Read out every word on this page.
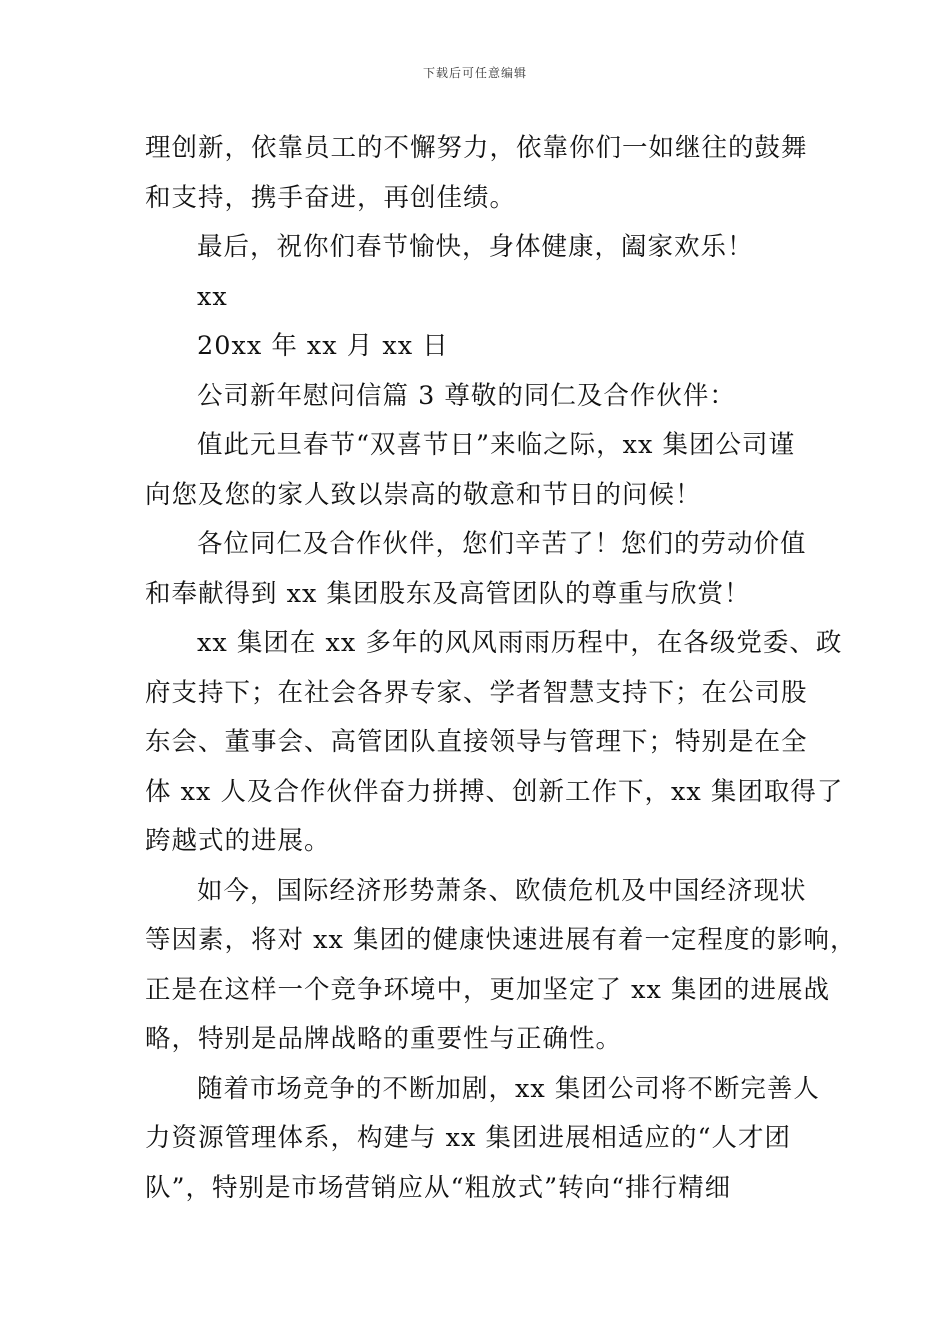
下载后可任意编辑

理创新，依靠员工的不懈努力，依靠你们一如继往的鼓舞
和支持，携手奋进，再创佳绩。

最后，祝你们春节愉快，身体健康，阖家欢乐！

xx

20xx 年 xx 月 xx 日

公司新年慰问信篇 3 尊敬的同仁及合作伙伴：

值此元旦春节“双喜节日”来临之际，xx 集团公司谨
向您及您的家人致以崇高的敬意和节日的问候！

各位同仁及合作伙伴，您们辛苦了！您们的劳动价值
和奉献得到 xx 集团股东及高管团队的尊重与欣赏！

xx 集团在 xx 多年的风风雨雨历程中，在各级党委、政
府支持下；在社会各界专家、学者智慧支持下；在公司股
东会、董事会、高管团队直接领导与管理下；特别是在全
体 xx 人及合作伙伴奋力拼搏、创新工作下，xx 集团取得了
跨越式的进展。

如今，国际经济形势萧条、欧债危机及中国经济现状
等因素，将对 xx 集团的健康快速进展有着一定程度的影响，
正是在这样一个竞争环境中，更加坚定了 xx 集团的进展战
略，特别是品牌战略的重要性与正确性。

随着市场竞争的不断加剧，xx 集团公司将不断完善人
力资源管理体系，构建与 xx 集团进展相适应的“人才团
队”，特别是市场营销应从“粗放式”转向“排行精细
